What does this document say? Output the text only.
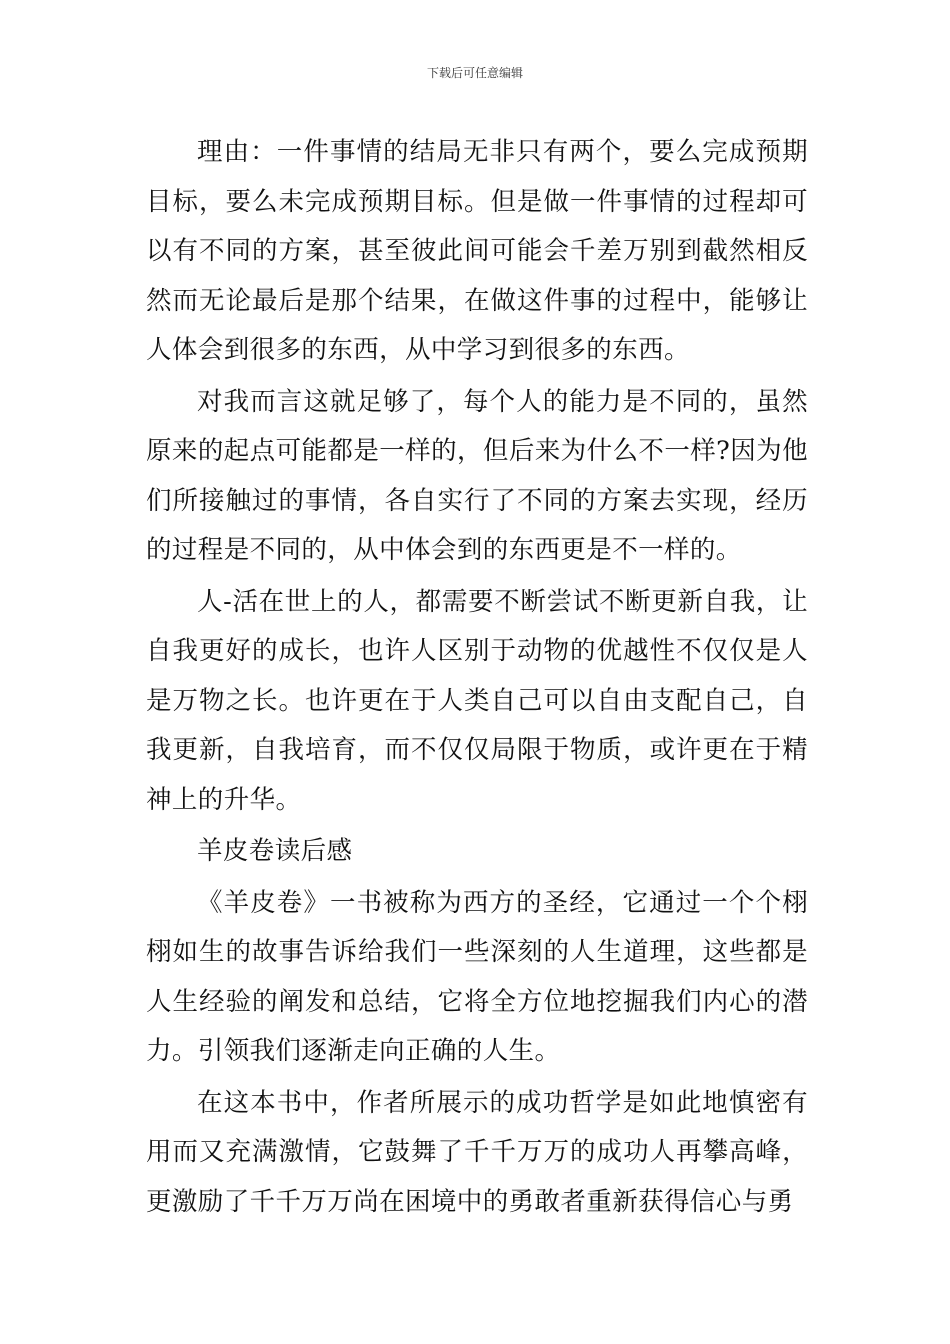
下载后可任意编辑

理由：一件事情的结局无非只有两个，要么完成预期目标，要么未完成预期目标。但是做一件事情的过程却可以有不同的方案，甚至彼此间可能会千差万别到截然相反然而无论最后是那个结果，在做这件事的过程中，能够让人体会到很多的东西，从中学习到很多的东西。

对我而言这就足够了，每个人的能力是不同的，虽然原来的起点可能都是一样的，但后来为什么不一样?因为他们所接触过的事情，各自实行了不同的方案去实现，经历的过程是不同的，从中体会到的东西更是不一样的。

人-活在世上的人，都需要不断尝试不断更新自我，让自我更好的成长，也许人区别于动物的优越性不仅仅是人是万物之长。也许更在于人类自己可以自由支配自己，自我更新，自我培育，而不仅仅局限于物质，或许更在于精神上的升华。

羊皮卷读后感

《羊皮卷》一书被称为西方的圣经，它通过一个个栩栩如生的故事告诉给我们一些深刻的人生道理，这些都是人生经验的阐发和总结，它将全方位地挖掘我们内心的潜力。引领我们逐渐走向正确的人生。

在这本书中，作者所展示的成功哲学是如此地慎密有用而又充满激情，它鼓舞了千千万万的成功人再攀高峰，更激励了千千万万尚在困境中的勇敢者重新获得信心与勇
